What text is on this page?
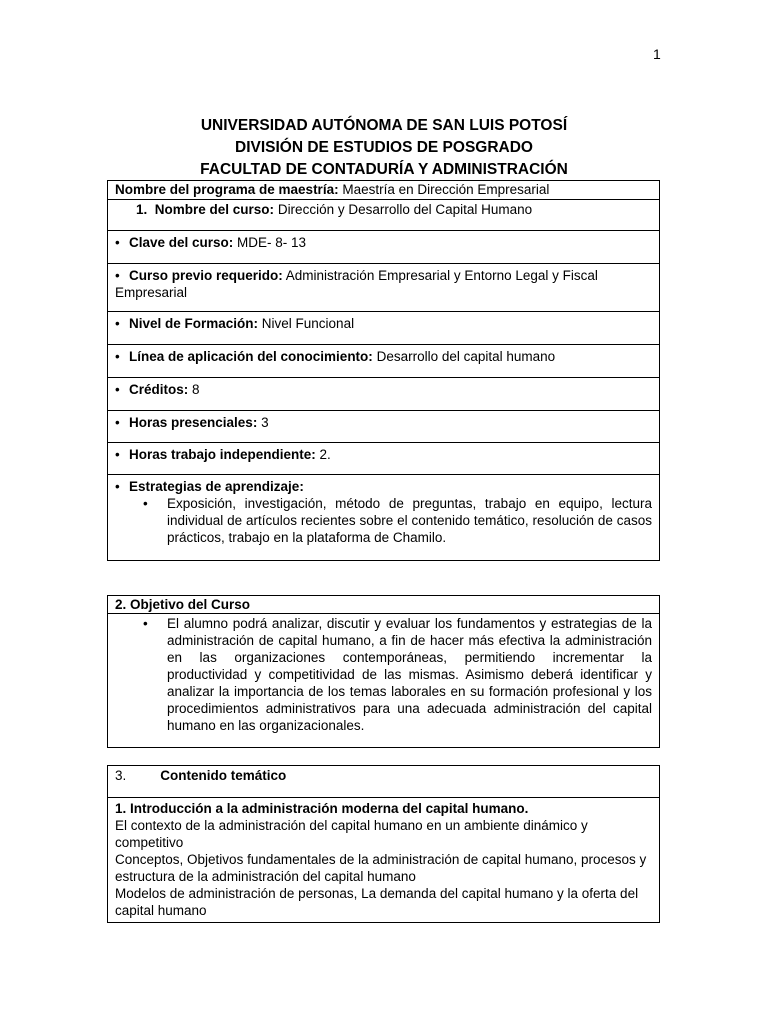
1
UNIVERSIDAD AUTÓNOMA DE SAN LUIS POTOSÍ
DIVISIÓN DE ESTUDIOS DE POSGRADO
FACULTAD DE CONTADURÍA Y ADMINISTRACIÓN
Nombre del programa de maestría: Maestría en Dirección Empresarial
1. Nombre del curso: Dirección y Desarrollo del Capital Humano
• Clave del curso: MDE- 8- 13
• Curso previo requerido: Administración Empresarial y Entorno Legal y Fiscal Empresarial
• Nivel de Formación: Nivel Funcional
• Línea de aplicación del conocimiento: Desarrollo del capital humano
• Créditos: 8
• Horas presenciales: 3
• Horas trabajo independiente: 2.
• Estrategias de aprendizaje:
• Exposición, investigación, método de preguntas, trabajo en equipo, lectura individual de artículos recientes sobre el contenido temático, resolución de casos prácticos, trabajo en la plataforma de Chamilo.
2. Objetivo del Curso
• El alumno podrá analizar, discutir y evaluar los fundamentos y estrategias de la administración de capital humano, a fin de hacer más efectiva la administración en las organizaciones contemporáneas, permitiendo incrementar la productividad y competitividad de las mismas. Asimismo deberá identificar y analizar la importancia de los temas laborales en su formación profesional y los procedimientos administrativos para una adecuada administración del capital humano en las organizacionales.
3.	Contenido temático
1. Introducción a la administración moderna del capital humano.
El contexto de la administración del capital humano en un ambiente dinámico y competitivo
Conceptos, Objetivos fundamentales de la administración de capital humano, procesos y estructura de la administración del capital humano
Modelos de administración de personas, La demanda del capital humano y la oferta del capital humano
